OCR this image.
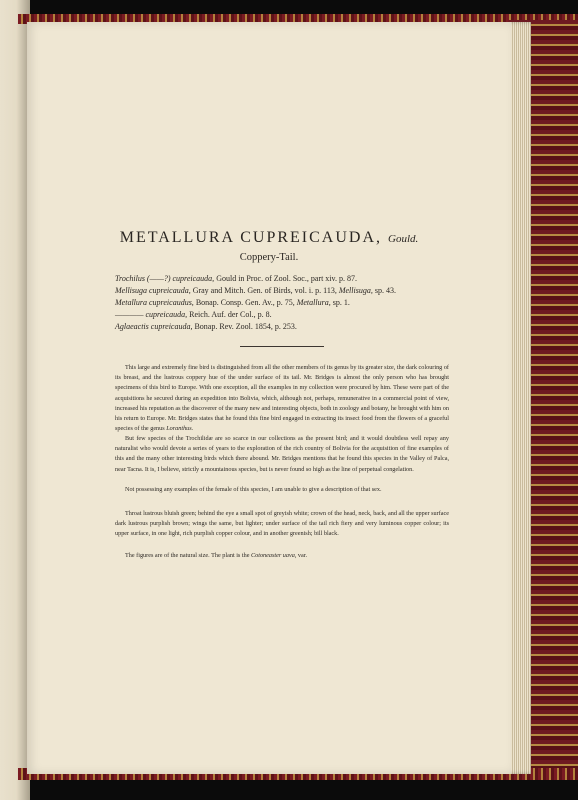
METALLURA CUPREICAUDA, Gould.
Coppery-Tail.
Trochilus (——?) cupreicauda, Gould in Proc. of Zool. Soc., part xiv. p. 87.
Mellisuga cupreicauda, Gray and Mitch. Gen. of Birds, vol. i. p. 113, Mellisuga, sp. 43.
Metallura cupreicaudus, Bonap. Consp. Gen. Av., p. 75, Metallura, sp. 1.
———— cupreicauda, Reich. Auf. der Col., p. 8.
Aglaeactis cupreicauda, Bonap. Rev. Zool. 1854, p. 253.
This large and extremely fine bird is distinguished from all the other members of its genus by its greater size, the dark colouring of its breast, and the lustrous coppery hue of the under surface of its tail. Mr. Bridges is almost the only person who has brought specimens of this bird to Europe. With one exception, all the examples in my collection were procured by him. These were part of the acquisitions he secured during an expedition into Bolivia, which, although not, perhaps, remunerative in a commercial point of view, increased his reputation as the discoverer of the many new and interesting objects, both in zoology and botany, he brought with him on his return to Europe. Mr. Bridges states that he found this fine bird engaged in extracting its insect food from the flowers of a graceful species of the genus Loranthus.
But few species of the Trochilidæ are so scarce in our collections as the present bird; and it would doubtless well repay any naturalist who would devote a series of years to the exploration of the rich country of Bolivia for the acquisition of fine examples of this and the many other interesting birds which there abound. Mr. Bridges mentions that he found this species in the Valley of Palca, near Tacna. It is, I believe, strictly a mountainous species, but is never found so high as the line of perpetual congelation.
Not possessing any examples of the female of this species, I am unable to give a description of that sex.
Throat lustrous bluish green; behind the eye a small spot of greyish white; crown of the head, neck, back, and all the upper surface dark lustrous purplish brown; wings the same, but lighter; under surface of the tail rich fiery and very luminous copper colour; its upper surface, in one light, rich purplish copper colour, and in another greenish; bill black.
The figures are of the natural size. The plant is the Cotoneaster uava, var.
